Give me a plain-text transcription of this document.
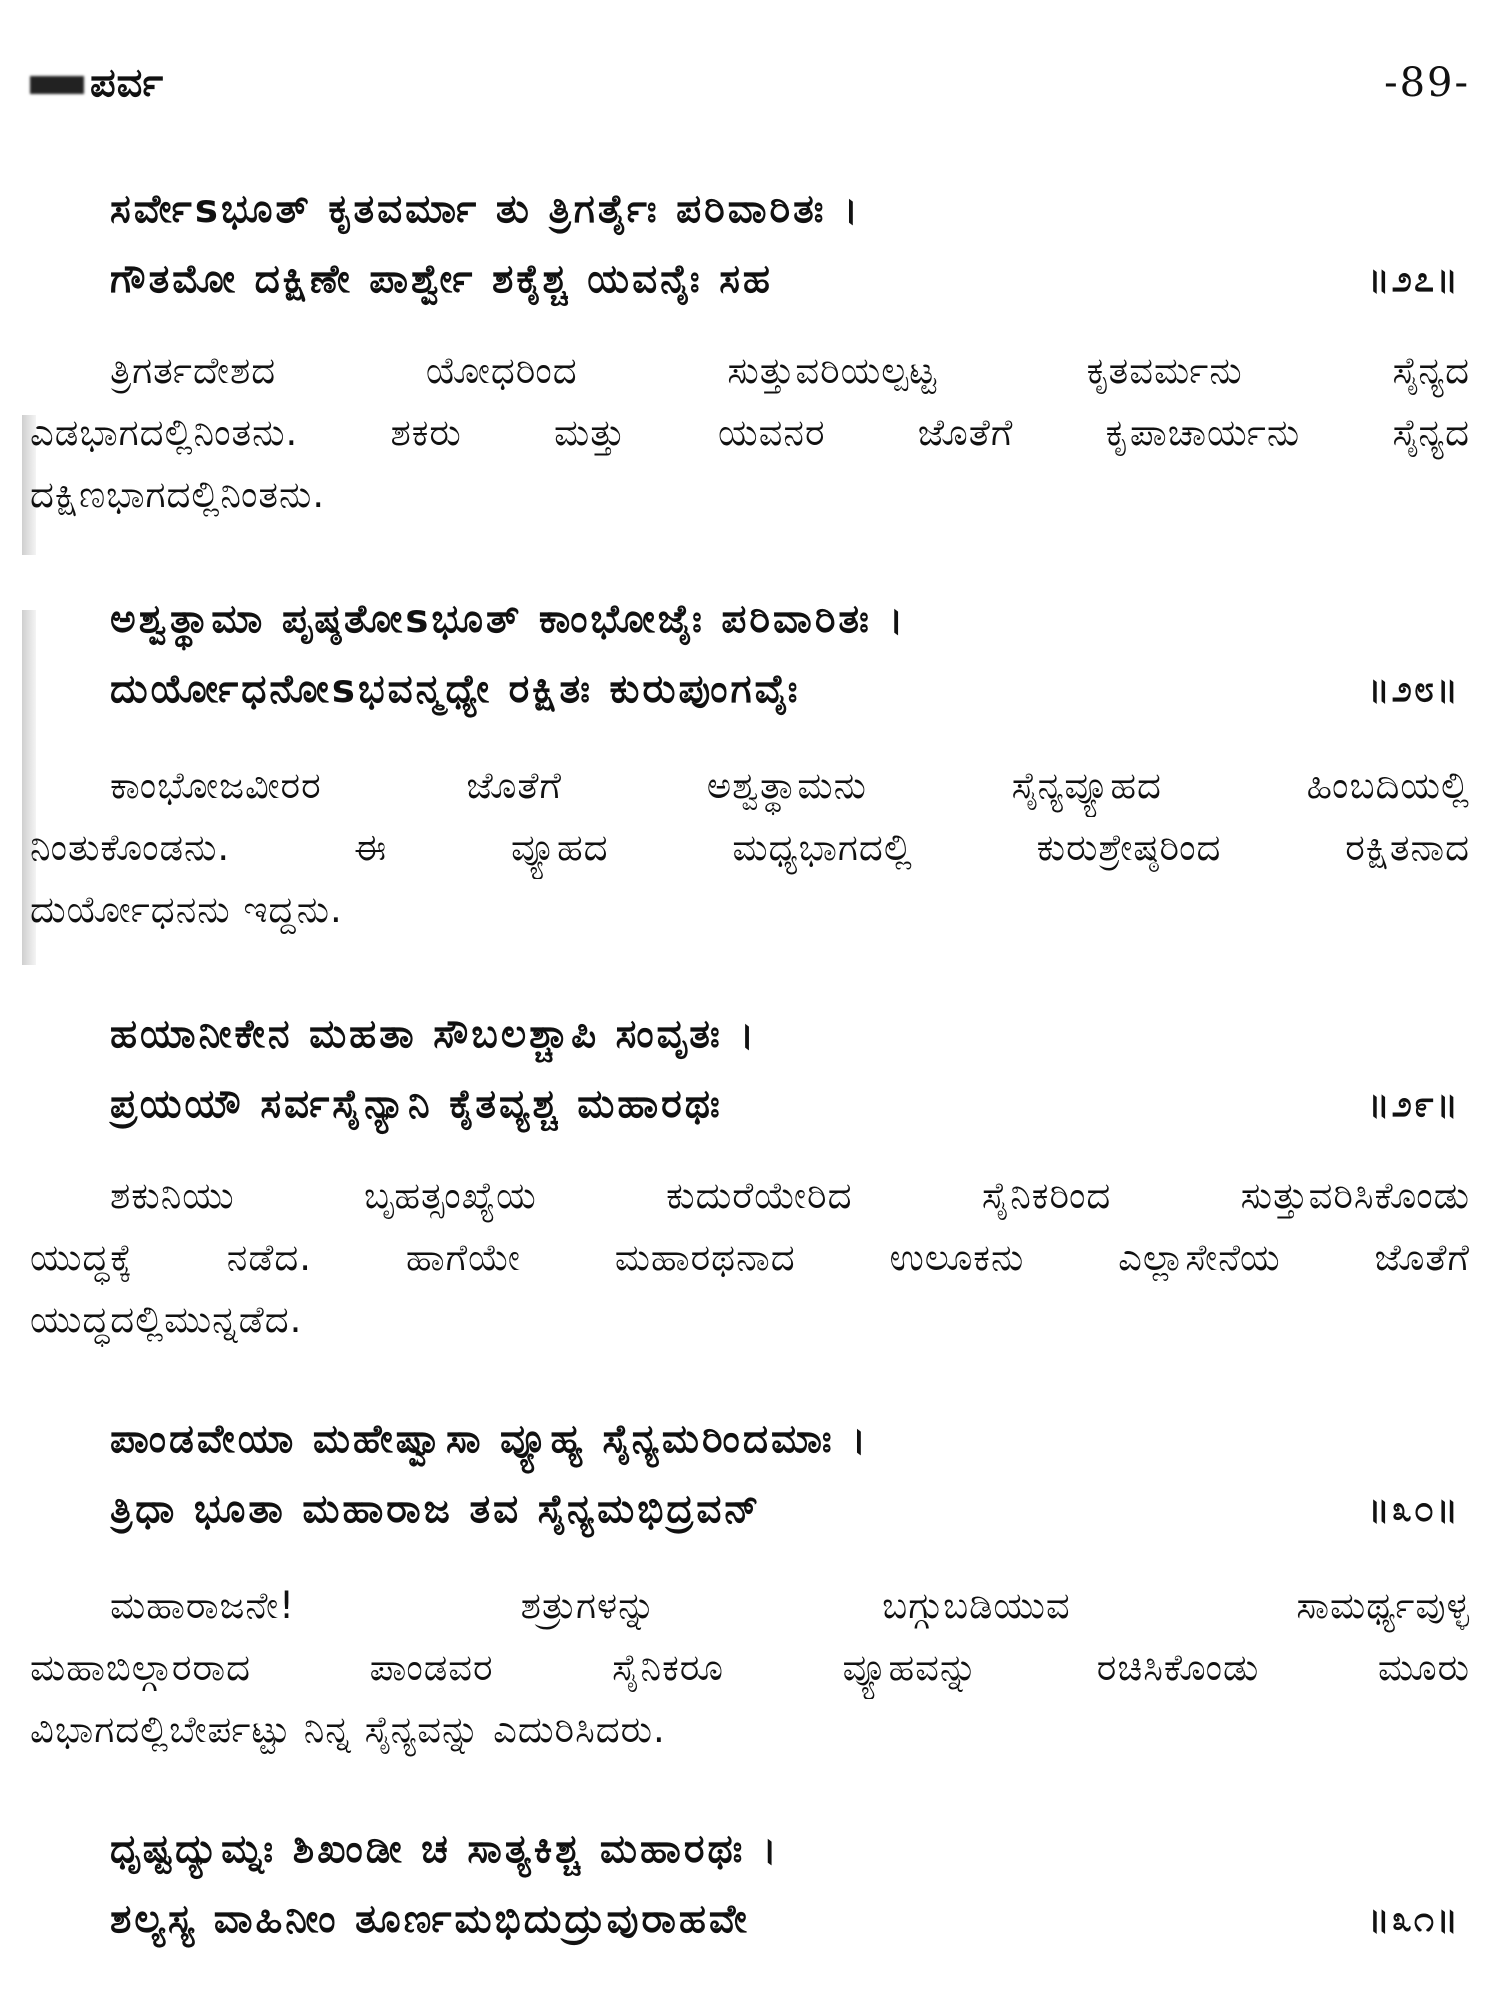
ಪರ್ವ	-89-
ಸರ್ವೇsಭೂತ್ ಕೃತವರ್ಮಾ ತು ತ್ರಿಗರ್ತೈಃ ಪರಿವಾರಿತಃ ।
ಗೌತಮೋ ದಕ್ಷಿಣೇ ಪಾರ್ಶ್ವೇ ಶಕೈಶ್ಚ ಯವನೈಃ ಸಹ	॥೨೭॥
ತ್ರಿಗರ್ತದೇಶದ ಯೋಧರಿಂದ ಸುತ್ತುವರಿಯಲ್ಪಟ್ಟ ಕೃತವರ್ಮನು ಸೈನ್ಯದ
ಎಡಭಾಗದಲ್ಲಿನಿಂತನು. ಶಕರು ಮತ್ತು ಯವನರ ಜೊತೆಗೆ ಕೃಪಾಚಾರ್ಯನು ಸೈನ್ಯದ
ದಕ್ಷಿಣಭಾಗದಲ್ಲಿನಿಂತನು.
ಅಶ್ವತ್ಥಾಮಾ ಪೃಷ್ಠತೋsಭೂತ್ ಕಾಂಭೋಜೈಃ ಪರಿವಾರಿತಃ ।
ದುರ್ಯೋಧನೋsಭವನ್ಮಧ್ಯೇ ರಕ್ಷಿತಃ ಕುರುಪುಂಗವೈಃ	॥೨೮॥
ಕಾಂಭೋಜವೀರರ ಜೊತೆಗೆ ಅಶ್ವತ್ಥಾಮನು ಸೈನ್ಯವ್ಯೂಹದ ಹಿಂಬದಿಯಲ್ಲಿ
ನಿಂತುಕೊಂಡನು. ಈ ವ್ಯೂಹದ ಮಧ್ಯಭಾಗದಲ್ಲಿ ಕುರುಶ್ರೇಷ್ಠರಿಂದ ರಕ್ಷಿತನಾದ
ದುರ್ಯೋಧನನು ಇದ್ದನು.
ಹಯಾನೀಕೇನ ಮಹತಾ ಸೌಬಲಶ್ಚಾಪಿ ಸಂವೃತಃ ।
ಪ್ರಯಯೌ ಸರ್ವಸೈನ್ಯಾನಿ ಕೈತವ್ಯಶ್ಚ ಮಹಾರಥಃ	॥೨೯॥
ಶಕುನಿಯು ಬೃಹತ್ಸಂಖ್ಯೆಯ ಕುದುರೆಯೇರಿದ ಸೈನಿಕರಿಂದ ಸುತ್ತುವರಿಸಿಕೊಂಡು
ಯುದ್ಧಕ್ಕೆ ನಡೆದ. ಹಾಗೆಯೇ ಮಹಾರಥನಾದ ಉಲೂಕನು ಎಲ್ಲಾಸೇನೆಯ ಜೊತೆಗೆ
ಯುದ್ಧದಲ್ಲಿಮುನ್ನಡೆದ.
ಪಾಂಡವೇಯಾ ಮಹೇಷ್ವಾಸಾ ವ್ಯೂಹ್ಯ ಸೈನ್ಯಮರಿಂದಮಾಃ ।
ತ್ರಿಧಾ ಭೂತಾ ಮಹಾರಾಜ ತವ ಸೈನ್ಯಮಭಿದ್ರವನ್	॥೩೦॥
ಮಹಾರಾಜನೇ! ಶತ್ರುಗಳನ್ನು ಬಗ್ಗುಬಡಿಯುವ ಸಾಮರ್ಥ್ಯವುಳ್ಳ
ಮಹಾಬಿಲ್ಗಾರರಾದ ಪಾಂಡವರ ಸೈನಿಕರೂ ವ್ಯೂಹವನ್ನು ರಚಿಸಿಕೊಂಡು ಮೂರು
ವಿಭಾಗದಲ್ಲಿಬೇರ್ಪಟ್ಟು ನಿನ್ನ ಸೈನ್ಯವನ್ನು ಎದುರಿಸಿದರು.
ಧೃಷ್ಟದ್ಯುಮ್ನಃ ಶಿಖಂಡೀ ಚ ಸಾತ್ಯಕಿಶ್ಚ ಮಹಾರಥಃ ।
ಶಲ್ಯಸ್ಯ ವಾಹಿನೀಂ ತೂರ್ಣಮಭಿದುದ್ರುವುರಾಹವೇ	॥೩೧॥
